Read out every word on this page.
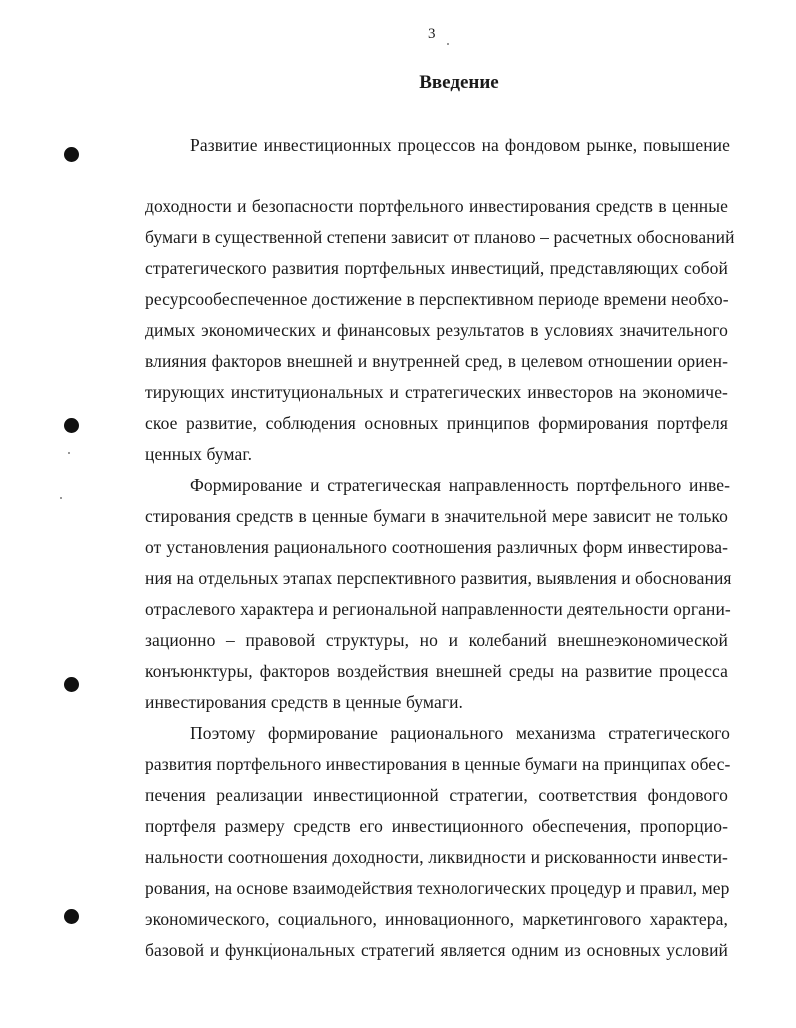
3
Введение
Развитие инвестиционных процессов на фондовом рынке, повышение
доходности и безопасности портфельного инвестирования средств в ценные
бумаги в существенной степени зависит от планово – расчетных обоснований
стратегического развития портфельных инвестиций, представляющих собой
ресурсообеспеченное достижение в перспективном периоде времени необхо-
димых экономических и финансовых результатов в условиях значительного
влияния факторов внешней и внутренней сред, в целевом отношении ориен-
тирующих институциональных и стратегических инвесторов на экономиче-
ское развитие, соблюдения основных принципов формирования портфеля
ценных бумаг.
Формирование и стратегическая направленность портфельного инве-
стирования средств в ценные бумаги в значительной мере зависит не только
от установления рационального соотношения различных форм инвестирова-
ния на отдельных этапах перспективного развития, выявления и обоснования
отраслевого характера и региональной направленности деятельности органи-
зационно – правовой структуры, но и колебаний внешнеэкономической
конъюнктуры, факторов воздействия внешней среды на развитие процесса
инвестирования средств в ценные бумаги.
Поэтому формирование рационального механизма стратегического
развития портфельного инвестирования в ценные бумаги на принципах обес-
печения реализации инвестиционной стратегии, соответствия фондового
портфеля размеру средств его инвестиционного обеспечения, пропорцио-
нальности соотношения доходности, ликвидности и рискованности инвести-
рования, на основе взаимодействия технологических процедур и правил, мер
экономического, социального, инновационного, маркетингового характера,
базовой и функциональных стратегий является одним из основных условий
